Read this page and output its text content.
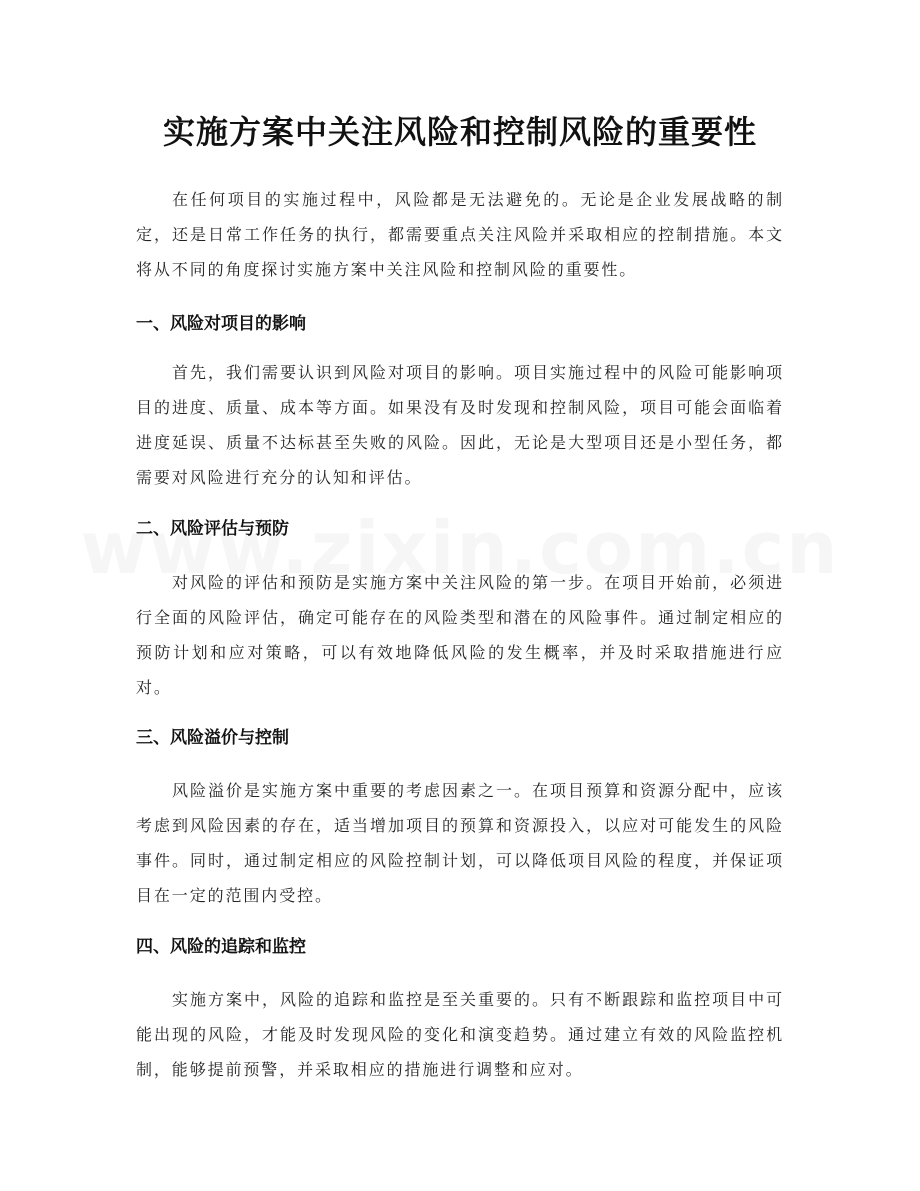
实施方案中关注风险和控制风险的重要性

在任何项目的实施过程中，风险都是无法避免的。无论是企业发展战略的制定，还是日常工作任务的执行，都需要重点关注风险并采取相应的控制措施。本文将从不同的角度探讨实施方案中关注风险和控制风险的重要性。

一、风险对项目的影响

首先，我们需要认识到风险对项目的影响。项目实施过程中的风险可能影响项目的进度、质量、成本等方面。如果没有及时发现和控制风险，项目可能会面临着进度延误、质量不达标甚至失败的风险。因此，无论是大型项目还是小型任务，都需要对风险进行充分的认知和评估。

二、风险评估与预防

对风险的评估和预防是实施方案中关注风险的第一步。在项目开始前，必须进行全面的风险评估，确定可能存在的风险类型和潜在的风险事件。通过制定相应的预防计划和应对策略，可以有效地降低风险的发生概率，并及时采取措施进行应对。

三、风险溢价与控制

风险溢价是实施方案中重要的考虑因素之一。在项目预算和资源分配中，应该考虑到风险因素的存在，适当增加项目的预算和资源投入，以应对可能发生的风险事件。同时，通过制定相应的风险控制计划，可以降低项目风险的程度，并保证项目在一定的范围内受控。

四、风险的追踪和监控

实施方案中，风险的追踪和监控是至关重要的。只有不断跟踪和监控项目中可能出现的风险，才能及时发现风险的变化和演变趋势。通过建立有效的风险监控机制，能够提前预警，并采取相应的措施进行调整和应对。
